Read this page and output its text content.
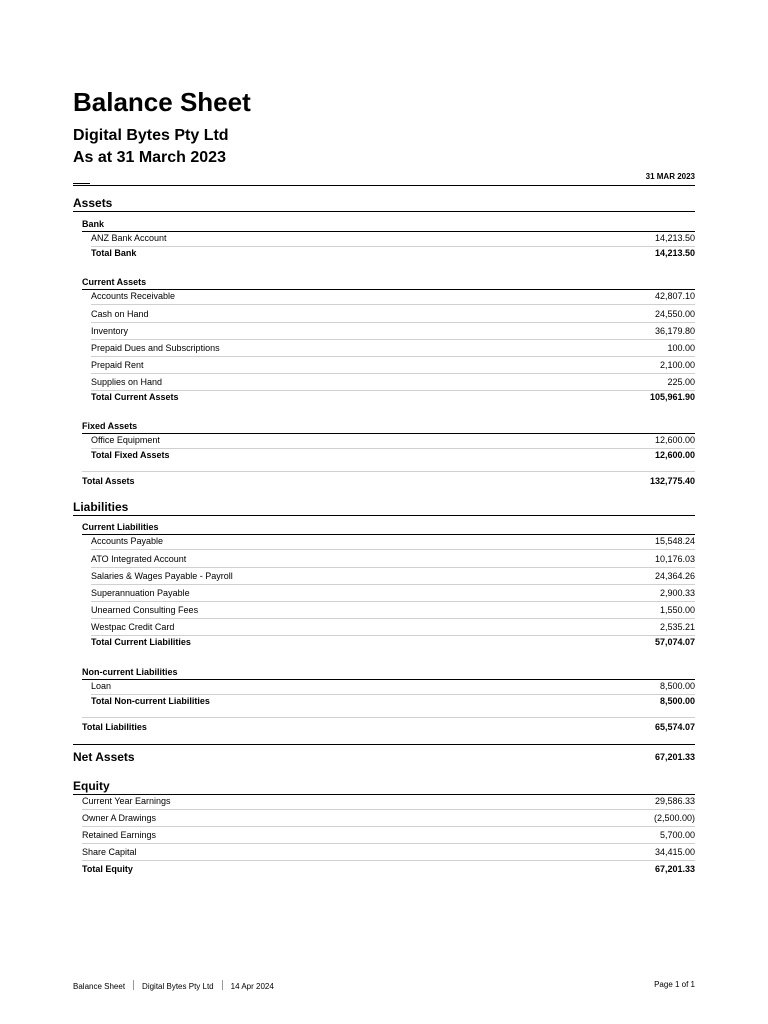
Balance Sheet
Digital Bytes Pty Ltd
As at 31 March 2023
31 MAR 2023
Assets
Bank
ANZ Bank Account	14,213.50
Total Bank	14,213.50
Current Assets
Accounts Receivable	42,807.10
Cash on Hand	24,550.00
Inventory	36,179.80
Prepaid Dues and Subscriptions	100.00
Prepaid Rent	2,100.00
Supplies on Hand	225.00
Total Current Assets	105,961.90
Fixed Assets
Office Equipment	12,600.00
Total Fixed Assets	12,600.00
Total Assets	132,775.40
Liabilities
Current Liabilities
Accounts Payable	15,548.24
ATO Integrated Account	10,176.03
Salaries & Wages Payable - Payroll	24,364.26
Superannuation Payable	2,900.33
Unearned Consulting Fees	1,550.00
Westpac Credit Card	2,535.21
Total Current Liabilities	57,074.07
Non-current Liabilities
Loan	8,500.00
Total Non-current Liabilities	8,500.00
Total Liabilities	65,574.07
Net Assets	67,201.33
Equity
Current Year Earnings	29,586.33
Owner A Drawings	(2,500.00)
Retained Earnings	5,700.00
Share Capital	34,415.00
Total Equity	67,201.33
Balance Sheet Digital Bytes Pty Ltd 14 Apr 2024	Page 1 of 1
